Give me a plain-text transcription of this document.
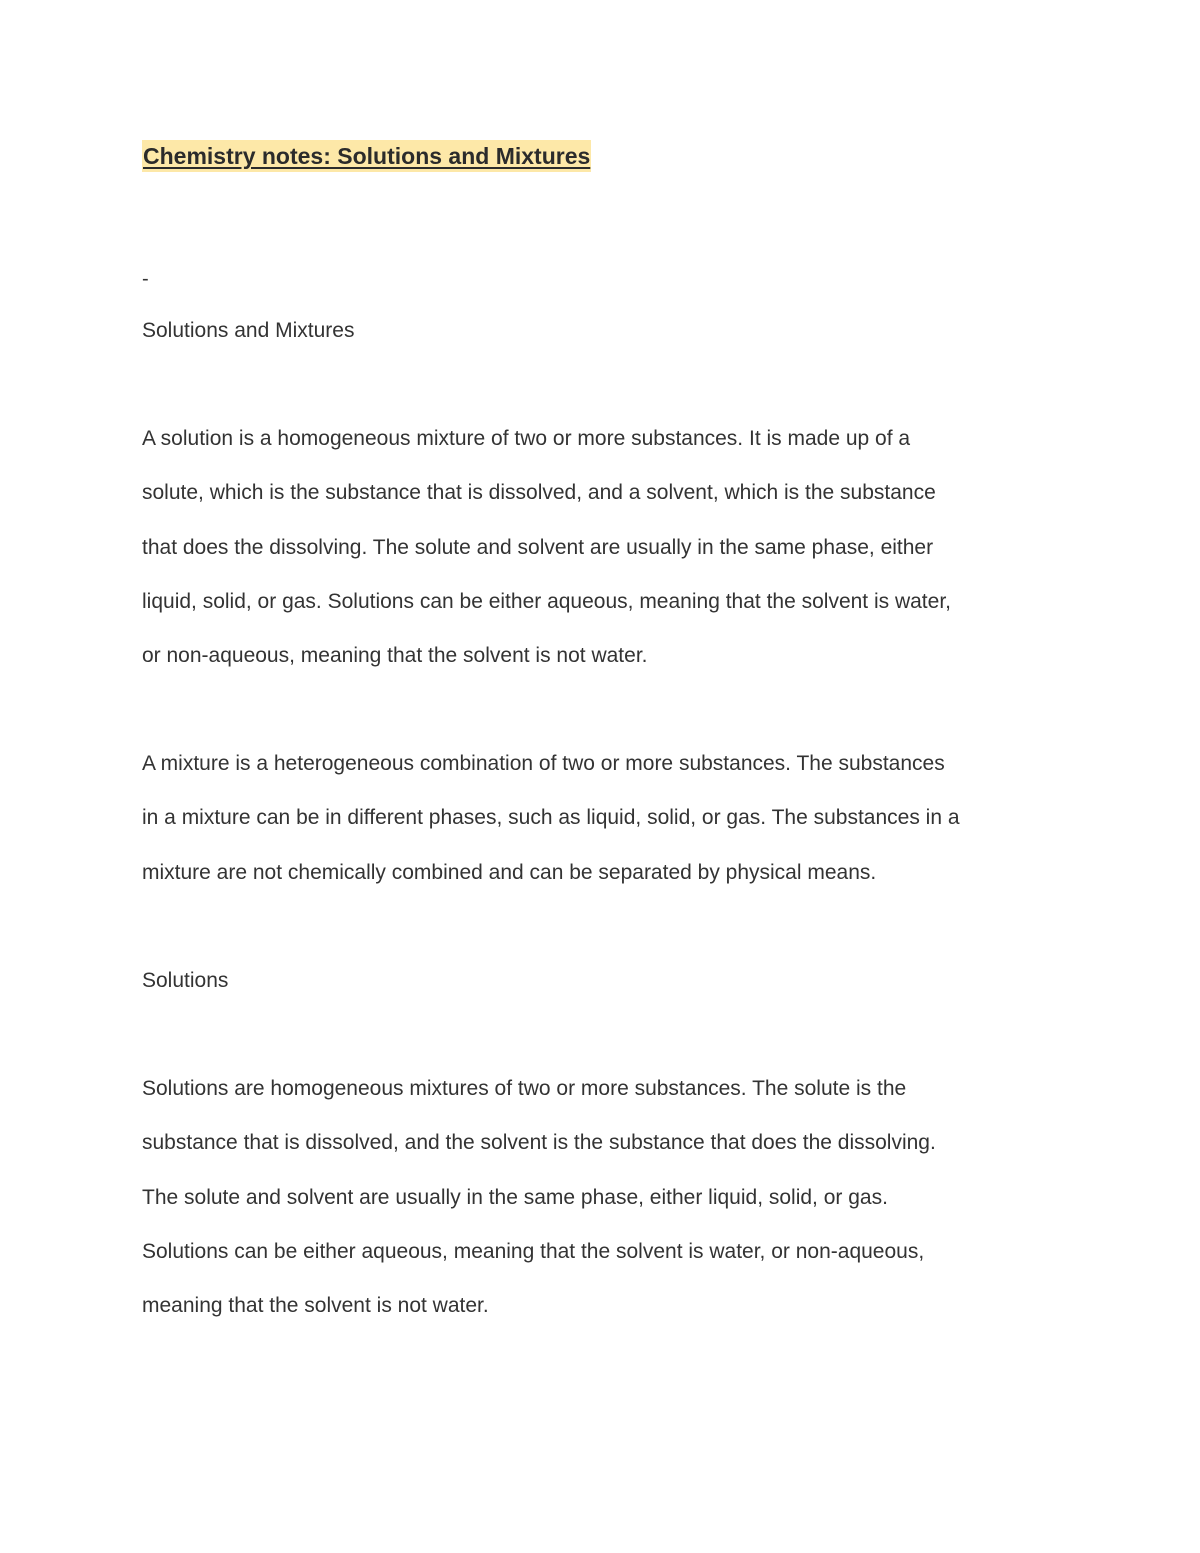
Chemistry notes: Solutions and Mixtures
-
Solutions and Mixtures
A solution is a homogeneous mixture of two or more substances. It is made up of a
solute, which is the substance that is dissolved, and a solvent, which is the substance
that does the dissolving. The solute and solvent are usually in the same phase, either
liquid, solid, or gas. Solutions can be either aqueous, meaning that the solvent is water,
or non-aqueous, meaning that the solvent is not water.
A mixture is a heterogeneous combination of two or more substances. The substances
in a mixture can be in different phases, such as liquid, solid, or gas. The substances in a
mixture are not chemically combined and can be separated by physical means.
Solutions
Solutions are homogeneous mixtures of two or more substances. The solute is the
substance that is dissolved, and the solvent is the substance that does the dissolving.
The solute and solvent are usually in the same phase, either liquid, solid, or gas.
Solutions can be either aqueous, meaning that the solvent is water, or non-aqueous,
meaning that the solvent is not water.
